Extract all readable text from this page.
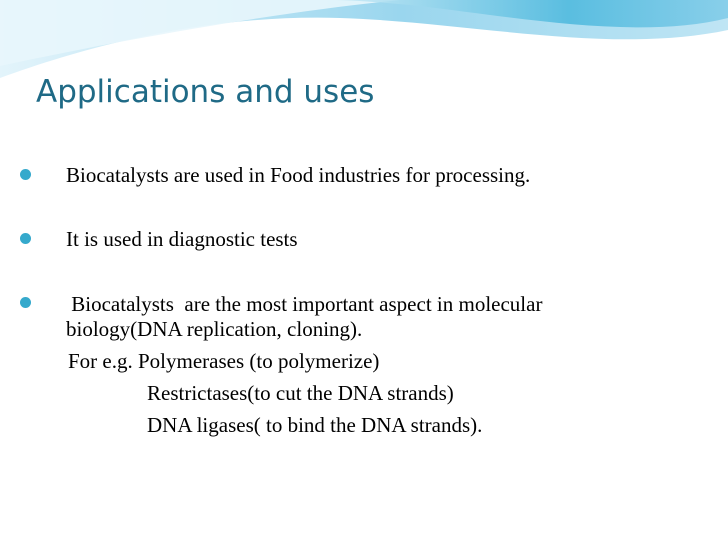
Applications and uses
Biocatalysts are used in Food industries for processing.
It is used in diagnostic tests
Biocatalysts  are the most important aspect in molecular
biology(DNA replication, cloning).
For e.g. Polymerases (to polymerize)
Restrictases(to cut the DNA strands)
DNA ligases( to bind the DNA strands).
